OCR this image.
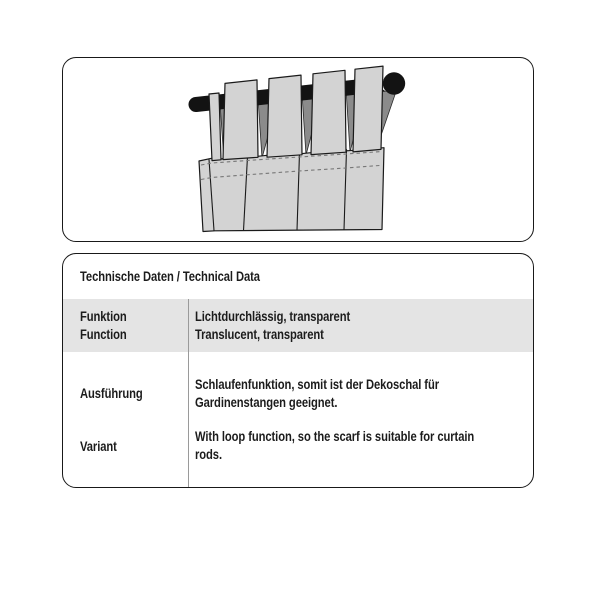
Technische Daten / Technical Data
Funktion
Function
Lichtdurchlässig, transparent
Translucent, transparent
Ausführung
Variant
Schlaufenfunktion, somit ist der Dekoschal für
Gardinenstangen geeignet.
With loop function, so the scarf is suitable for curtain
rods.
